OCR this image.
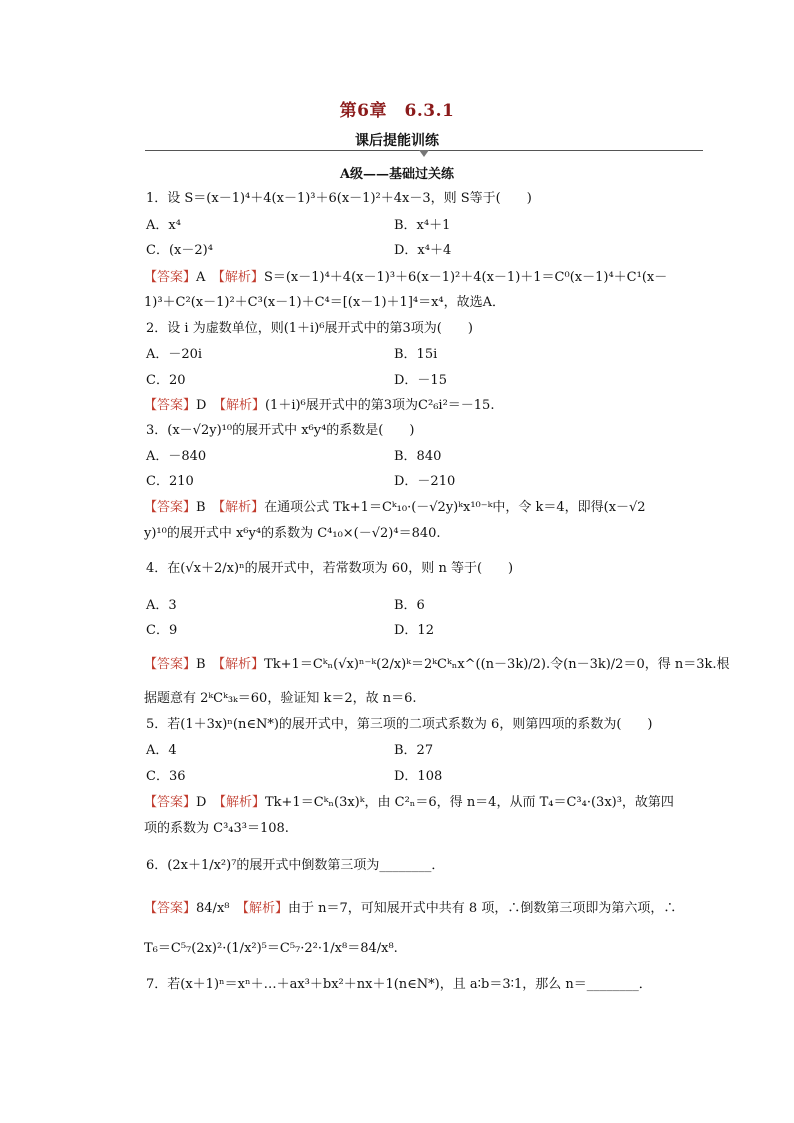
第6章　6.3.1
课后提能训练
A级——基础过关练
1．设 S＝(x－1)⁴＋4(x－1)³＋6(x－1)²＋4x－3，则 S等于(　　)
A．x⁴	B．x⁴＋1
C．(x－2)⁴	D．x⁴＋4
【答案】A　 【解析】S＝(x－1)⁴＋4(x－1)³＋6(x－1)²＋4(x－1)＋1＝C⁰(x－1)⁴＋C¹(x－
1)³＋C²(x－1)²＋C³(x－1)＋C⁴＝[(x－1)＋1]⁴＝x⁴，故选A．
2．设 i 为虚数单位，则(1＋i)⁶展开式中的第3项为(　　)
A．－20i	B．15i
C．20	D．－15
【答案】D　 【解析】(1＋i)⁶展开式中的第3项为C²₆i²＝－15.
3．(x－√2y)¹⁰的展开式中 x⁶y⁴的系数是(　　)
A．－840	B．840
C．210	D．－210
【答案】B　 【解析】在通项公式 Tk+1＝Cᵏ₁₀·(－√2y)ᵏx¹⁰⁻ᵏ中，令 k＝4，即得(x－√2
y)¹⁰的展开式中 x⁶y⁴的系数为 C⁴₁₀×(－√2)⁴＝840.
4．在(√x＋2/x)ⁿ的展开式中，若常数项为 60，则 n 等于(　　)
A．3	B．6
C．9	D．12
【答案】B　 【解析】Tk+1＝Cᵏₙ(√x)ⁿ⁻ᵏ(2/x)ᵏ＝2ᵏCᵏₙx^((n－3k)/2).令(n－3k)/2＝0，得 n＝3k.根
据题意有 2ᵏCᵏ₃ₖ＝60，验证知 k＝2，故 n＝6.
5．若(1＋3x)ⁿ(n∈N*)的展开式中，第三项的二项式系数为 6，则第四项的系数为(　　)
A．4	B．27
C．36	D．108
【答案】D　 【解析】Tk+1＝Cᵏₙ(3x)ᵏ，由 C²ₙ＝6，得 n＝4，从而 T₄＝C³₄·(3x)³，故第四
项的系数为 C³₄3³＝108.
6．(2x＋1/x²)⁷的展开式中倒数第三项为________．
【答案】84/x⁸　 【解析】由于 n＝7，可知展开式中共有 8 项，∴倒数第三项即为第六项，∴
T₆＝C⁵₇(2x)²·(1/x²)⁵＝C⁵₇·2²·1/x⁸＝84/x⁸.
7．若(x＋1)ⁿ＝xⁿ＋…＋ax³＋bx²＋nx＋1(n∈N*)，且 a∶b＝3∶1，那么 n＝________．
